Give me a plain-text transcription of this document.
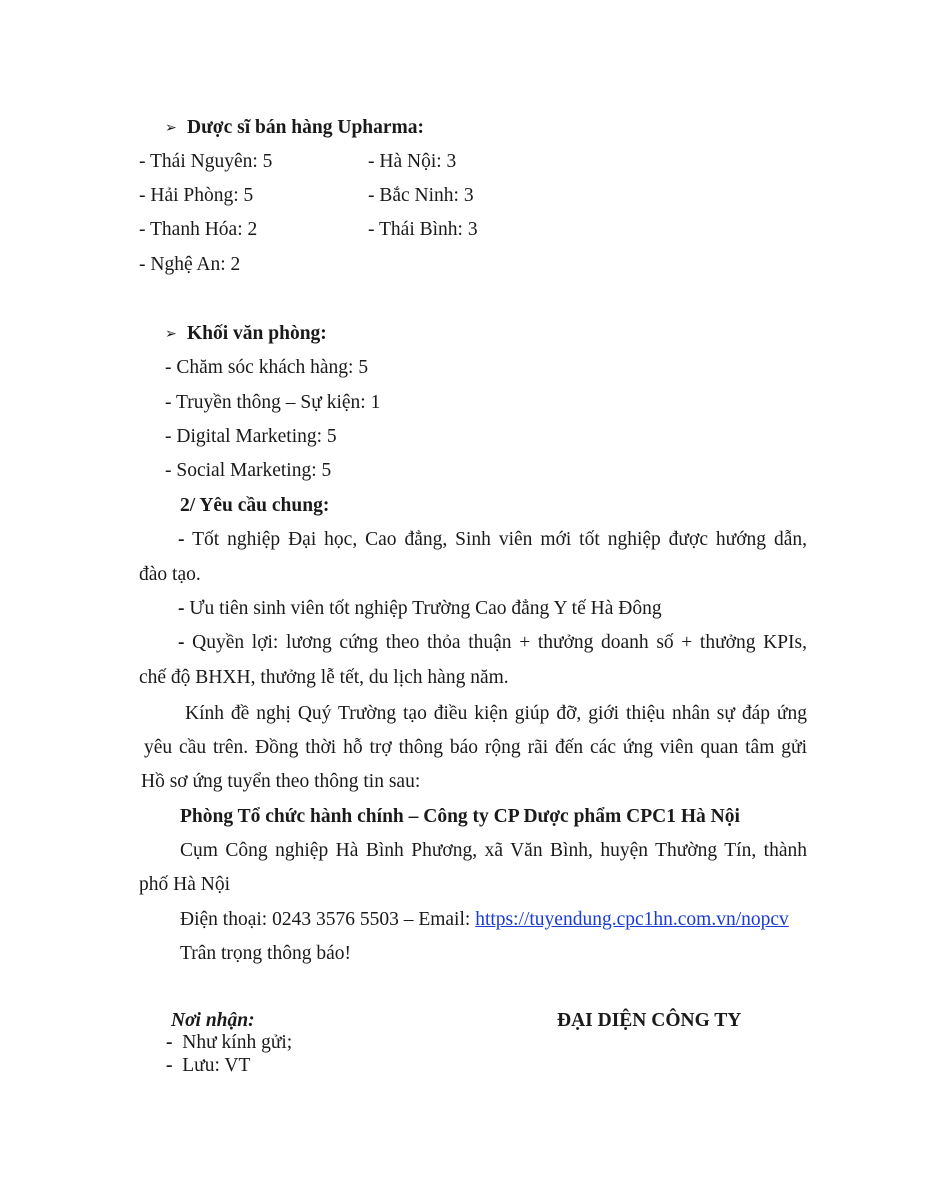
➢ Dược sĩ bán hàng Upharma:
- Thái Nguyên: 5	- Hà Nội: 3
- Hải Phòng: 5	- Bắc Ninh: 3
- Thanh Hóa: 2	- Thái Bình: 3
- Nghệ An: 2
➢ Khối văn phòng:
- Chăm sóc khách hàng: 5
- Truyền thông – Sự kiện: 1
- Digital Marketing: 5
- Social Marketing: 5
2/ Yêu cầu chung:
- Tốt nghiệp Đại học, Cao đẳng, Sinh viên mới tốt nghiệp được hướng dẫn,
đào tạo.
- Ưu tiên sinh viên tốt nghiệp Trường Cao đẳng Y tế Hà Đông
- Quyền lợi: lương cứng theo thỏa thuận + thưởng doanh số + thưởng KPIs,
chế độ BHXH, thưởng lễ tết, du lịch hàng năm.
Kính đề nghị Quý Trường tạo điều kiện giúp đỡ, giới thiệu nhân sự đáp ứng
yêu cầu trên. Đồng thời hỗ trợ thông báo rộng rãi đến các ứng viên quan tâm gửi
Hồ sơ ứng tuyển theo thông tin sau:
Phòng Tổ chức hành chính – Công ty CP Dược phẩm CPC1 Hà Nội
Cụm Công nghiệp Hà Bình Phương, xã Văn Bình, huyện Thường Tín, thành
phố Hà Nội
Điện thoại: 0243 3576 5503 – Email: https://tuyendung.cpc1hn.com.vn/nopcv
Trân trọng thông báo!
Nơi nhận:	ĐẠI DIỆN CÔNG TY
- Như kính gửi;
- Lưu: VT
